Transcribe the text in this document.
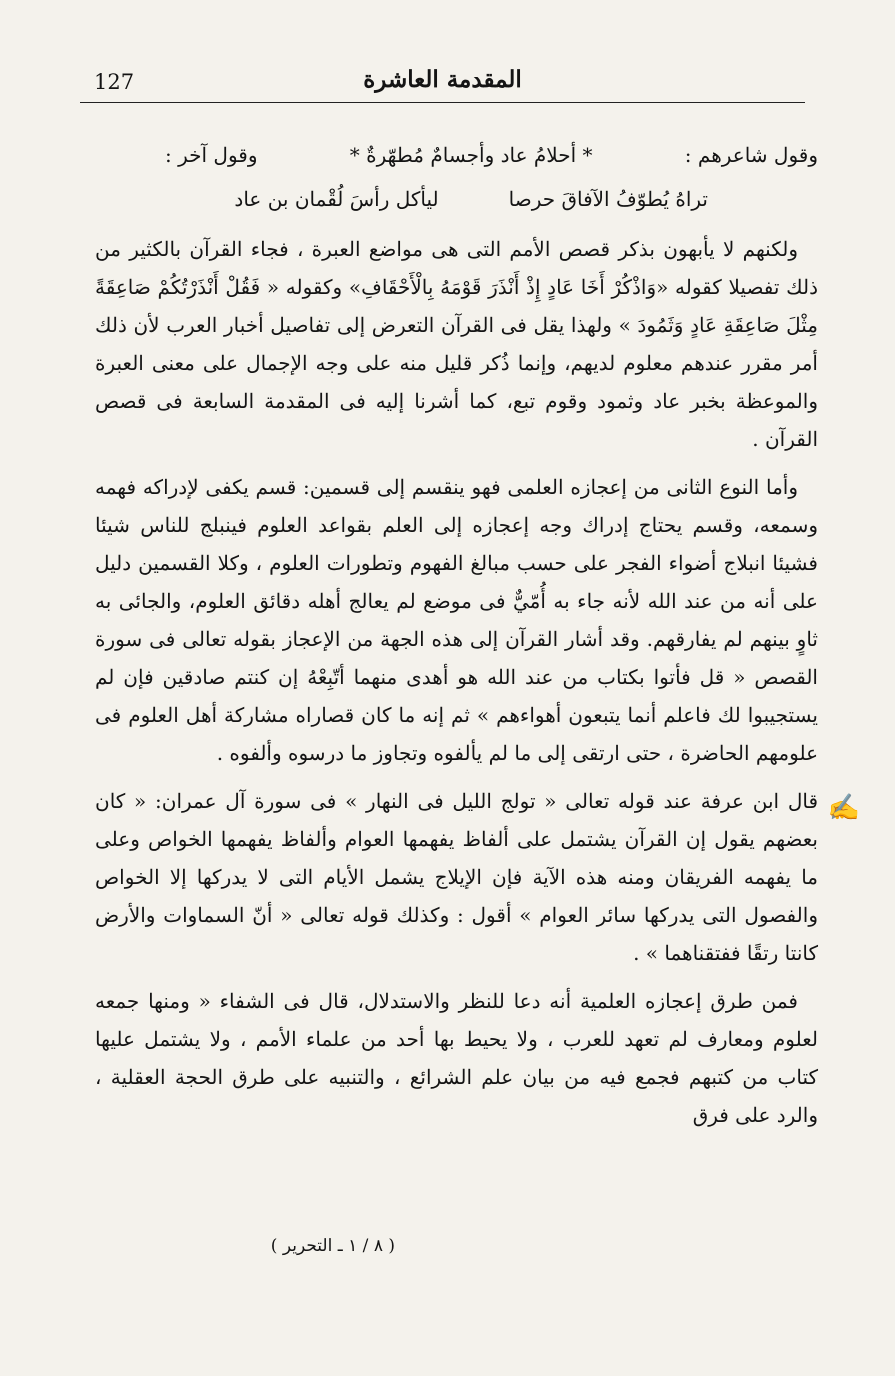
127	المقدمة العاشرة
وقول شاعرهم :
* أحلامُ عاد وأجسامٌ مُطهّرةٌ *
وقول آخر :
تراهُ يُطوّفُ الآفاقَ حرصا
ليأكل رأسَ لُقْمان بن عاد

ولكنهم لا يأبهون بذكر قصص الأمم التى هى مواضع العبرة ، فجاء القرآن بالكثير من ذلك تفصيلا كقوله «وَاذْكُرْ أَخَا عَادٍ إِذْ أَنْذَرَ قَوْمَهُ بِالْأَحْقَافِ» وكقوله « فَقُلْ أَنْذَرْتُكُمْ صَاعِقَةً مِثْلَ صَاعِقَةِ عَادٍ وَثَمُودَ » ولهذا يقل فى القرآن التعرض إلى تفاصيل أخبار العرب لأن ذلك أمر مقرر عندهم معلوم لديهم، وإنما ذُكر قليل منه على وجه الإجمال على معنى العبرة والموعظة بخبر عاد وثمود وقوم تبع، كما أشرنا إليه فى المقدمة السابعة فى قصص القرآن .

وأما النوع الثانى من إعجازه العلمى فهو ينقسم إلى قسمين: قسم يكفى لإدراكه فهمه وسمعه، وقسم يحتاج إدراك وجه إعجازه إلى العلم بقواعد العلوم فينبلج للناس شيئا فشيئا انبلاج أضواء الفجر على حسب مبالغ الفهوم وتطورات العلوم ، وكلا القسمين دليل على أنه من عند الله لأنه جاء به أُمّيٌّ فى موضع لم يعالج أهله دقائق العلوم، والجائى به ثاوٍ بينهم لم يفارقهم. وقد أشار القرآن إلى هذه الجهة من الإعجاز بقوله تعالى فى سورة القصص « قل فأتوا بكتاب من عند الله هو أهدى منهما أتّبِعْهُ إن كنتم صادقين فإن لم يستجيبوا لك فاعلم أنما يتبعون أهواءهم » ثم إنه ما كان قصاراه مشاركة أهل العلوم فى علومهم الحاضرة ، حتى ارتقى إلى ما لم يألفوه وتجاوز ما درسوه وألفوه .

✍
قال ابن عرفة عند قوله تعالى « تولج الليل فى النهار » فى سورة آل عمران: « كان بعضهم يقول إن القرآن يشتمل على ألفاظ يفهمها العوام وألفاظ يفهمها الخواص وعلى ما يفهمه الفريقان ومنه هذه الآية فإن الإيلاج يشمل الأيام التى لا يدركها إلا الخواص والفصول التى يدركها سائر العوام » أقول : وكذلك قوله تعالى « أنّ السماوات والأرض كانتا رتقًا ففتقناهما » .

فمن طرق إعجازه العلمية أنه دعا للنظر والاستدلال، قال فى الشفاء « ومنها جمعه لعلوم ومعارف لم تعهد للعرب ، ولا يحيط بها أحد من علماء الأمم ، ولا يشتمل عليها كتاب من كتبهم فجمع فيه من بيان علم الشرائع ، والتنبيه على طرق الحجة العقلية ، والرد على فرق

( ٨ / ١ ـ التحرير )
